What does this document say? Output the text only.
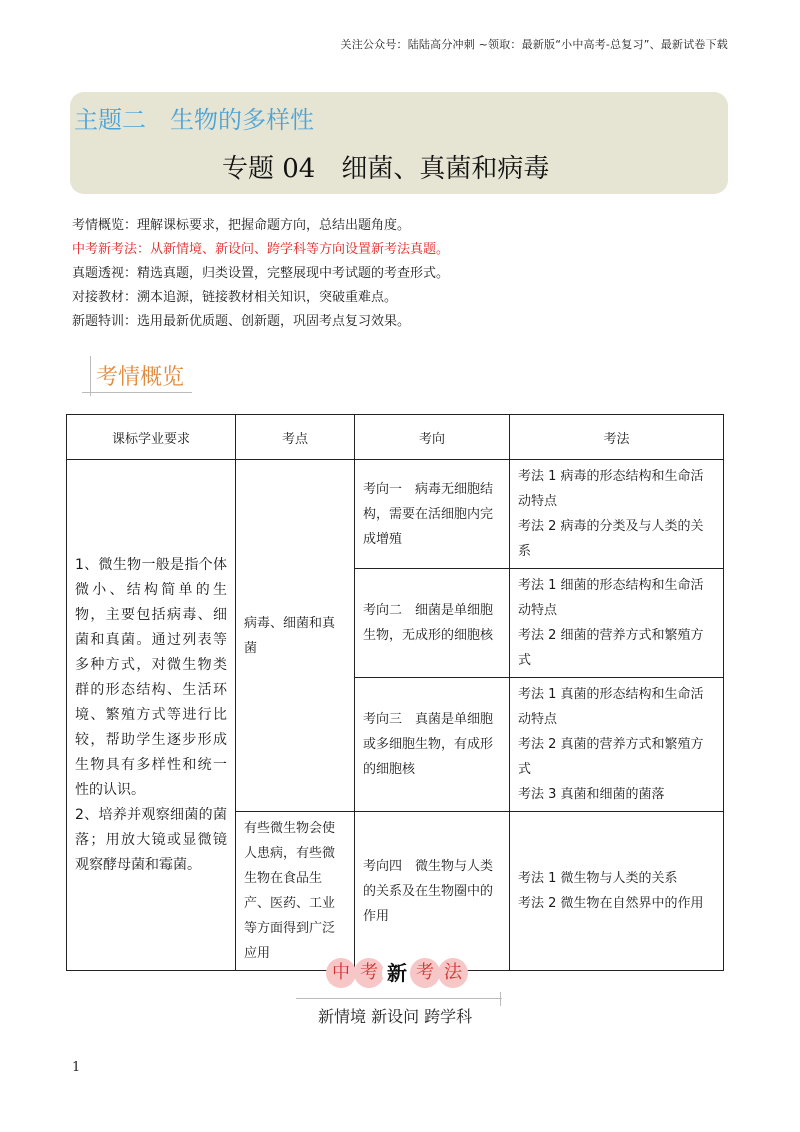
关注公众号：陆陆高分冲刺 ~领取：最新版“小中高考-总复习”、最新试卷下载
主题二　生物的多样性
专题 04　细菌、真菌和病毒
考情概览：理解课标要求，把握命题方向，总结出题角度。
中考新考法：从新情境、新设问、跨学科等方向设置新考法真题。
真题透视：精选真题，归类设置，完整展现中考试题的考查形式。
对接教材：溯本追源，链接教材相关知识，突破重难点。
新题特训：选用最新优质题、创新题，巩固考点复习效果。
考情概览
课标学业要求	考点	考向	考法

1、微生物一般是指个体微小、结构简单的生物，主要包括病毒、细菌和真菌。通过列表等多种方式，对微生物类群的形态结构、生活环境、繁殖方式等进行比较，帮助学生逐步形成生物具有多样性和统一性的认识。
2、培养并观察细菌的菌落；用放大镜或显微镜观察酵母菌和霉菌。	病毒、细菌和真菌	考向一　病毒无细胞结构，需要在活细胞内完成增殖	考法 1 病毒的形态结构和生命活动特点
考法 2 病毒的分类及与人类的关系

		考向二　细菌是单细胞生物，无成形的细胞核	考法 1 细菌的形态结构和生命活动特点
考法 2 细菌的营养方式和繁殖方式

		考向三　真菌是单细胞或多细胞生物，有成形的细胞核	考法 1 真菌的形态结构和生命活动特点
考法 2 真菌的营养方式和繁殖方式
考法 3 真菌和细菌的菌落

	有些微生物会使人患病，有些微生物在食品生产、医药、工业等方面得到广泛应用	考向四　微生物与人类的关系及在生物圈中的作用	考法 1 微生物与人类的关系
考法 2 微生物在自然界中的作用
中 考 新 考 法
新情境 新设问 跨学科
1
